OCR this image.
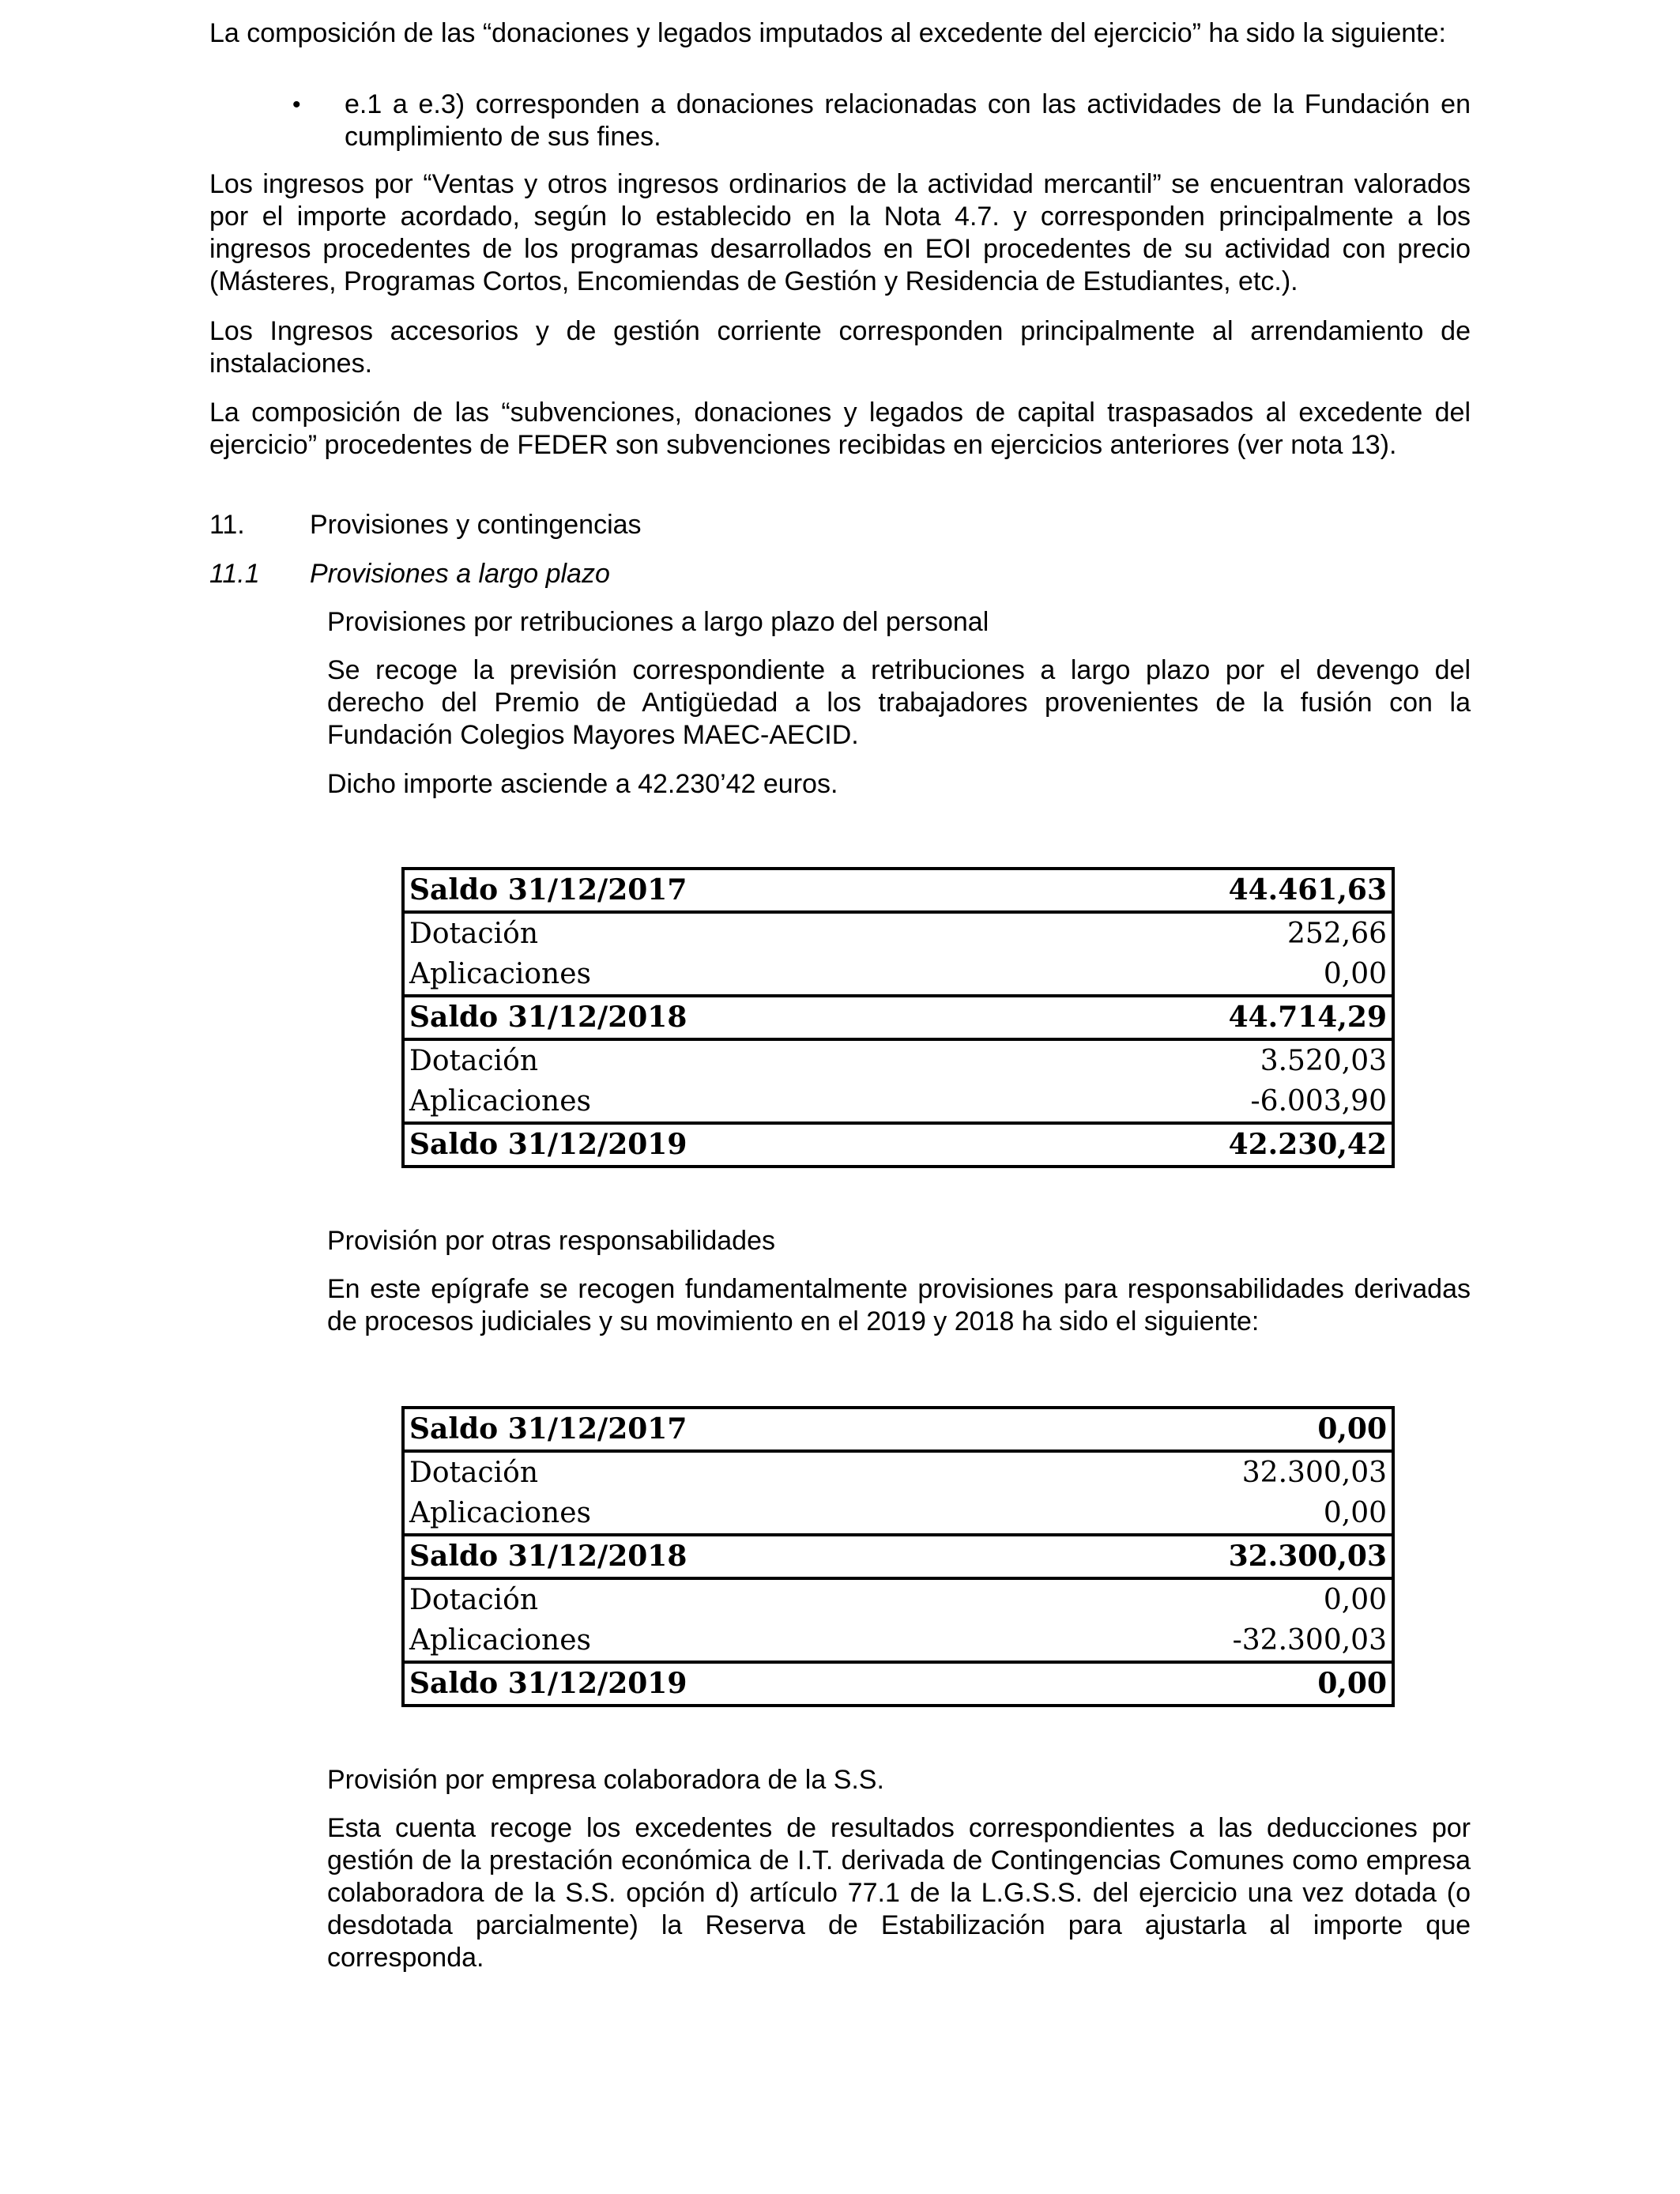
La composición de las “donaciones y legados imputados al excedente del ejercicio” ha sido la siguiente:

• e.1 a e.3) corresponden a donaciones relacionadas con las actividades de la Fundación en cumplimiento de sus fines.

Los ingresos por “Ventas y otros ingresos ordinarios de la actividad mercantil” se encuentran valorados por el importe acordado, según lo establecido en la Nota 4.7. y corresponden principalmente a los ingresos procedentes de los programas desarrollados en EOI procedentes de su actividad con precio (Másteres, Programas Cortos, Encomiendas de Gestión y Residencia de Estudiantes, etc.).

Los Ingresos accesorios y de gestión corriente corresponden principalmente al arrendamiento de instalaciones.

La composición de las “subvenciones, donaciones y legados de capital traspasados al excedente del ejercicio” procedentes de FEDER son subvenciones recibidas en ejercicios anteriores (ver nota 13).

11. Provisiones y contingencias
11.1 Provisiones a largo plazo

Provisiones por retribuciones a largo plazo del personal

Se recoge la previsión correspondiente a retribuciones a largo plazo por el devengo del derecho del Premio de Antigüedad a los trabajadores provenientes de la fusión con la Fundación Colegios Mayores MAEC-AECID.

Dicho importe asciende a 42.230’42 euros.

Saldo 31/12/2017	44.461,63
Dotación	252,66
Aplicaciones	0,00
Saldo 31/12/2018	44.714,29
Dotación	3.520,03
Aplicaciones	-6.003,90
Saldo 31/12/2019	42.230,42

Provisión por otras responsabilidades

En este epígrafe se recogen fundamentalmente provisiones para responsabilidades derivadas de procesos judiciales y su movimiento en el 2019 y 2018 ha sido el siguiente:

Saldo 31/12/2017	0,00
Dotación	32.300,03
Aplicaciones	0,00
Saldo 31/12/2018	32.300,03
Dotación	0,00
Aplicaciones	-32.300,03
Saldo 31/12/2019	0,00

Provisión por empresa colaboradora de la S.S.

Esta cuenta recoge los excedentes de resultados correspondientes a las deducciones por gestión de la prestación económica de I.T. derivada de Contingencias Comunes como empresa colaboradora de la S.S. opción d) artículo 77.1 de la L.G.S.S. del ejercicio una vez dotada (o desdotada parcialmente) la Reserva de Estabilización para ajustarla al importe que corresponda.
